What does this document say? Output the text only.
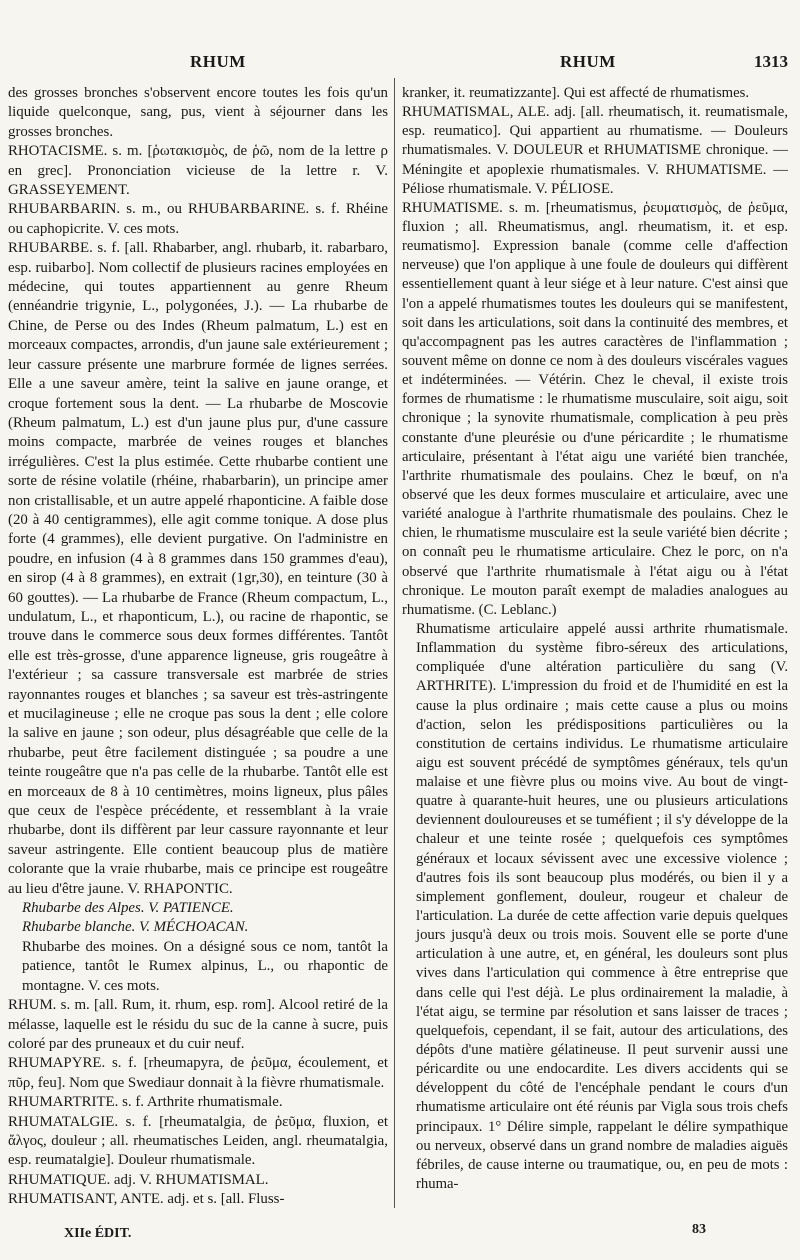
RHUM	RHUM	1313

des grosses bronches s'observent encore toutes les fois qu'un liquide quelconque, sang, pus, vient à séjourner dans les grosses bronches.

RHOTACISME. s. m. [ῥωτακισμὸς, de ῥῶ, nom de la lettre ρ en grec]. Prononciation vicieuse de la lettre r. V. GRASSEYEMENT.

RHUBARBARIN. s. m., ou RHUBARBARINE. s. f. Rhéine ou caphopicrite. V. ces mots.

RHUBARBE. s. f. [all. Rhabarber, angl. rhubarb, it. rabarbaro, esp. ruibarbo]. Nom collectif de plusieurs racines employées en médecine, qui toutes appartiennent au genre Rheum (ennéandrie trigynie, L., polygonées, J.). — La rhubarbe de Chine, de Perse ou des Indes (Rheum palmatum, L.) est en morceaux compactes, arrondis, d'un jaune sale extérieurement ; leur cassure présente une marbrure formée de lignes serrées. Elle a une saveur amère, teint la salive en jaune orange, et croque fortement sous la dent. — La rhubarbe de Moscovie (Rheum palmatum, L.) est d'un jaune plus pur, d'une cassure moins compacte, marbrée de veines rouges et blanches irrégulières. C'est la plus estimée. Cette rhubarbe contient une sorte de résine volatile (rhéine, rhabarbarin), un principe amer non cristallisable, et un autre appelé rhaponticine. A faible dose (20 à 40 centigrammes), elle agit comme tonique. A dose plus forte (4 grammes), elle devient purgative. On l'administre en poudre, en infusion (4 à 8 grammes dans 150 grammes d'eau), en sirop (4 à 8 grammes), en extrait (1gr,30), en teinture (30 à 60 gouttes). — La rhubarbe de France (Rheum compactum, L., undulatum, L., et rhaponticum, L.), ou racine de rhapontic, se trouve dans le commerce sous deux formes différentes. Tantôt elle est très-grosse, d'une apparence ligneuse, gris rougeâtre à l'extérieur ; sa cassure transversale est marbrée de stries rayonnantes rouges et blanches ; sa saveur est très-astringente et mucilagineuse ; elle ne croque pas sous la dent ; elle colore la salive en jaune ; son odeur, plus désagréable que celle de la rhubarbe, peut être facilement distinguée ; sa poudre a une teinte rougeâtre que n'a pas celle de la rhubarbe. Tantôt elle est en morceaux de 8 à 10 centimètres, moins ligneux, plus pâles que ceux de l'espèce précédente, et ressemblant à la vraie rhubarbe, dont ils diffèrent par leur cassure rayonnante et leur saveur astringente. Elle contient beaucoup plus de matière colorante que la vraie rhubarbe, mais ce principe est rougeâtre au lieu d'être jaune. V. RHAPONTIC.

Rhubarbe des Alpes. V. PATIENCE.

Rhubarbe blanche. V. MÉCHOACAN.

Rhubarbe des moines. On a désigné sous ce nom, tantôt la patience, tantôt le Rumex alpinus, L., ou rhapontic de montagne. V. ces mots.

RHUM. s. m. [all. Rum, it. rhum, esp. rom]. Alcool retiré de la mélasse, laquelle est le résidu du suc de la canne à sucre, puis coloré par des pruneaux et du cuir neuf.

RHUMAPYRE. s. f. [rheumapyra, de ῥεῦμα, écoulement, et πῦρ, feu]. Nom que Swediaur donnait à la fièvre rhumatismale.

RHUMARTRITE. s. f. Arthrite rhumatismale.

RHUMATALGIE. s. f. [rheumatalgia, de ῥεῦμα, fluxion, et ἄλγος, douleur ; all. rheumatisches Leiden, angl. rheumatalgia, esp. reumatalgie]. Douleur rhumatismale.

RHUMATIQUE. adj. V. RHUMATISMAL.

RHUMATISANT, ANTE. adj. et s. [all. Fluss-

kranker, it. reumatizzante]. Qui est affecté de rhumatismes.

RHUMATISMAL, ALE. adj. [all. rheumatisch, it. reumatismale, esp. reumatico]. Qui appartient au rhumatisme. — Douleurs rhumatismales. V. DOULEUR et RHUMATISME chronique. — Méningite et apoplexie rhumatismales. V. RHUMATISME. — Péliose rhumatismale. V. PÉLIOSE.

RHUMATISME. s. m. [rheumatismus, ῥευματισμὸς, de ῥεῦμα, fluxion ; all. Rheumatismus, angl. rheumatism, it. et esp. reumatismo]. Expression banale (comme celle d'affection nerveuse) que l'on applique à une foule de douleurs qui diffèrent essentiellement quant à leur siége et à leur nature. C'est ainsi que l'on a appelé rhumatismes toutes les douleurs qui se manifestent, soit dans les articulations, soit dans la continuité des membres, et qu'accompagnent pas les autres caractères de l'inflammation ; souvent même on donne ce nom à des douleurs viscérales vagues et indéterminées. — Vétérin. Chez le cheval, il existe trois formes de rhumatisme : le rhumatisme musculaire, soit aigu, soit chronique ; la synovite rhumatismale, complication à peu près constante d'une pleurésie ou d'une péricardite ; le rhumatisme articulaire, présentant à l'état aigu une variété bien tranchée, l'arthrite rhumatismale des poulains. Chez le bœuf, on n'a observé que les deux formes musculaire et articulaire, avec une variété analogue à l'arthrite rhumatismale des poulains. Chez le chien, le rhumatisme musculaire est la seule variété bien décrite ; on connaît peu le rhumatisme articulaire. Chez le porc, on n'a observé que l'arthrite rhumatismale à l'état aigu ou à l'état chronique. Le mouton paraît exempt de maladies analogues au rhumatisme. (C. Leblanc.)

Rhumatisme articulaire appelé aussi arthrite rhumatismale. Inflammation du système fibro-séreux des articulations, compliquée d'une altération particulière du sang (V. ARTHRITE). L'impression du froid et de l'humidité en est la cause la plus ordinaire ; mais cette cause a plus ou moins d'action, selon les prédispositions particulières ou la constitution de certains individus. Le rhumatisme articulaire aigu est souvent précédé de symptômes généraux, tels qu'un malaise et une fièvre plus ou moins vive. Au bout de vingt-quatre à quarante-huit heures, une ou plusieurs articulations deviennent douloureuses et se tuméfient ; il s'y développe de la chaleur et une teinte rosée ; quelquefois ces symptômes généraux et locaux sévissent avec une excessive violence ; d'autres fois ils sont beaucoup plus modérés, ou bien il y a simplement gonflement, douleur, rougeur et chaleur de l'articulation. La durée de cette affection varie depuis quelques jours jusqu'à deux ou trois mois. Souvent elle se porte d'une articulation à une autre, et, en général, les douleurs sont plus vives dans l'articulation qui commence à être entreprise que dans celle qui l'est déjà. Le plus ordinairement la maladie, à l'état aigu, se termine par résolution et sans laisser de traces ; quelquefois, cependant, il se fait, autour des articulations, des dépôts d'une matière gélatineuse. Il peut survenir aussi une péricardite ou une endocardite. Les divers accidents qui se développent du côté de l'encéphale pendant le cours d'un rhumatisme articulaire ont été réunis par Vigla sous trois chefs principaux. 1° Délire simple, rappelant le délire sympathique ou nerveux, observé dans un grand nombre de maladies aiguës fébriles, de cause interne ou traumatique, ou, en peu de mots : rhuma-

XIIe ÉDIT.	83
